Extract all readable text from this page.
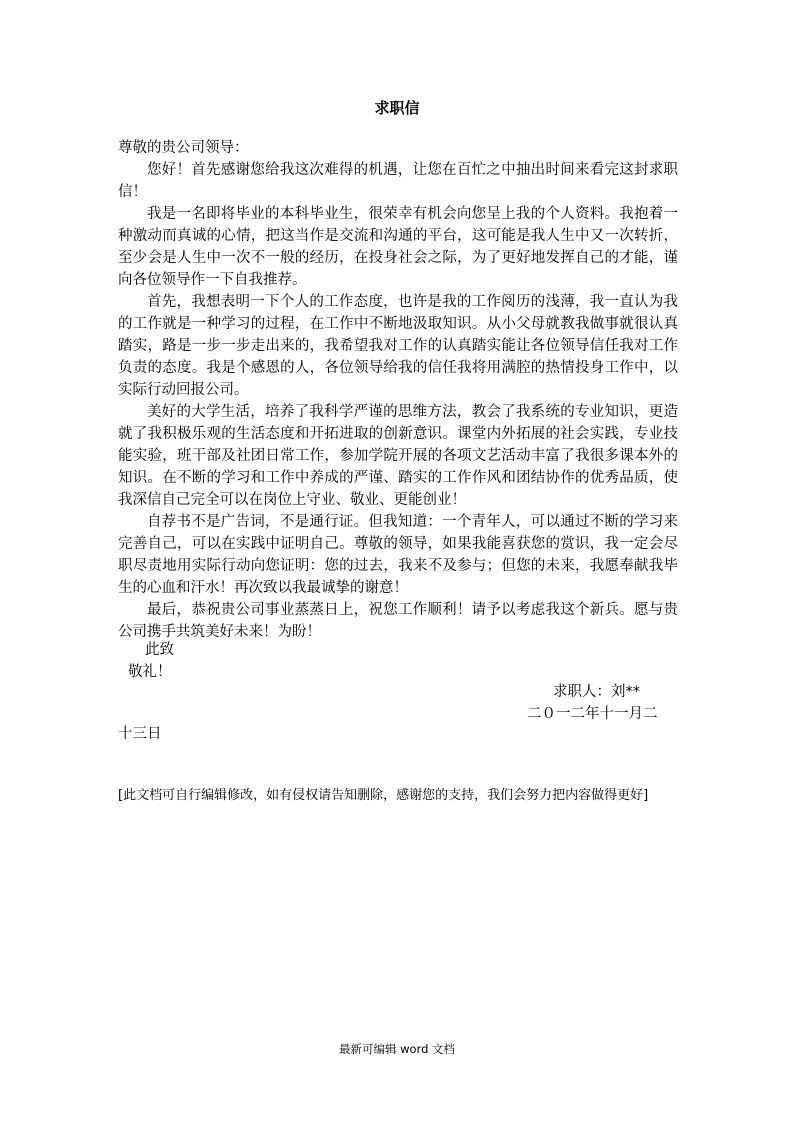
求职信

尊敬的贵公司领导：

您好！首先感谢您给我这次难得的机遇，让您在百忙之中抽出时间来看完这封求职信！

我是一名即将毕业的本科毕业生，很荣幸有机会向您呈上我的个人资料。我抱着一种激动而真诚的心情，把这当作是交流和沟通的平台，这可能是我人生中又一次转折，至少会是人生中一次不一般的经历，在投身社会之际，为了更好地发挥自己的才能，谨向各位领导作一下自我推荐。

首先，我想表明一下个人的工作态度，也许是我的工作阅历的浅薄，我一直认为我的工作就是一种学习的过程，在工作中不断地汲取知识。从小父母就教我做事就很认真踏实，路是一步一步走出来的，我希望我对工作的认真踏实能让各位领导信任我对工作负责的态度。我是个感恩的人，各位领导给我的信任我将用满腔的热情投身工作中，以实际行动回报公司。

美好的大学生活，培养了我科学严谨的思维方法，教会了我系统的专业知识，更造就了我积极乐观的生活态度和开拓进取的创新意识。课堂内外拓展的社会实践，专业技能实验，班干部及社团日常工作，参加学院开展的各项文艺活动丰富了我很多课本外的知识。在不断的学习和工作中养成的严谨、踏实的工作作风和团结协作的优秀品质，使我深信自己完全可以在岗位上守业、敬业、更能创业！

自荐书不是广告词，不是通行证。但我知道：一个青年人，可以通过不断的学习来完善自己，可以在实践中证明自己。尊敬的领导，如果我能喜获您的赏识，我一定会尽职尽责地用实际行动向您证明：您的过去，我来不及参与；但您的未来，我愿奉献我毕生的心血和汗水！再次致以我最诚挚的谢意！

最后，恭祝贵公司事业蒸蒸日上，祝您工作顺利！请予以考虑我这个新兵。愿与贵公司携手共筑美好未来！为盼！

此致
敬礼！
求职人：刘**
二０一二年十一月二
十三日
[此文档可自行编辑修改，如有侵权请告知删除，感谢您的支持，我们会努力把内容做得更好]
最新可编辑 word 文档
